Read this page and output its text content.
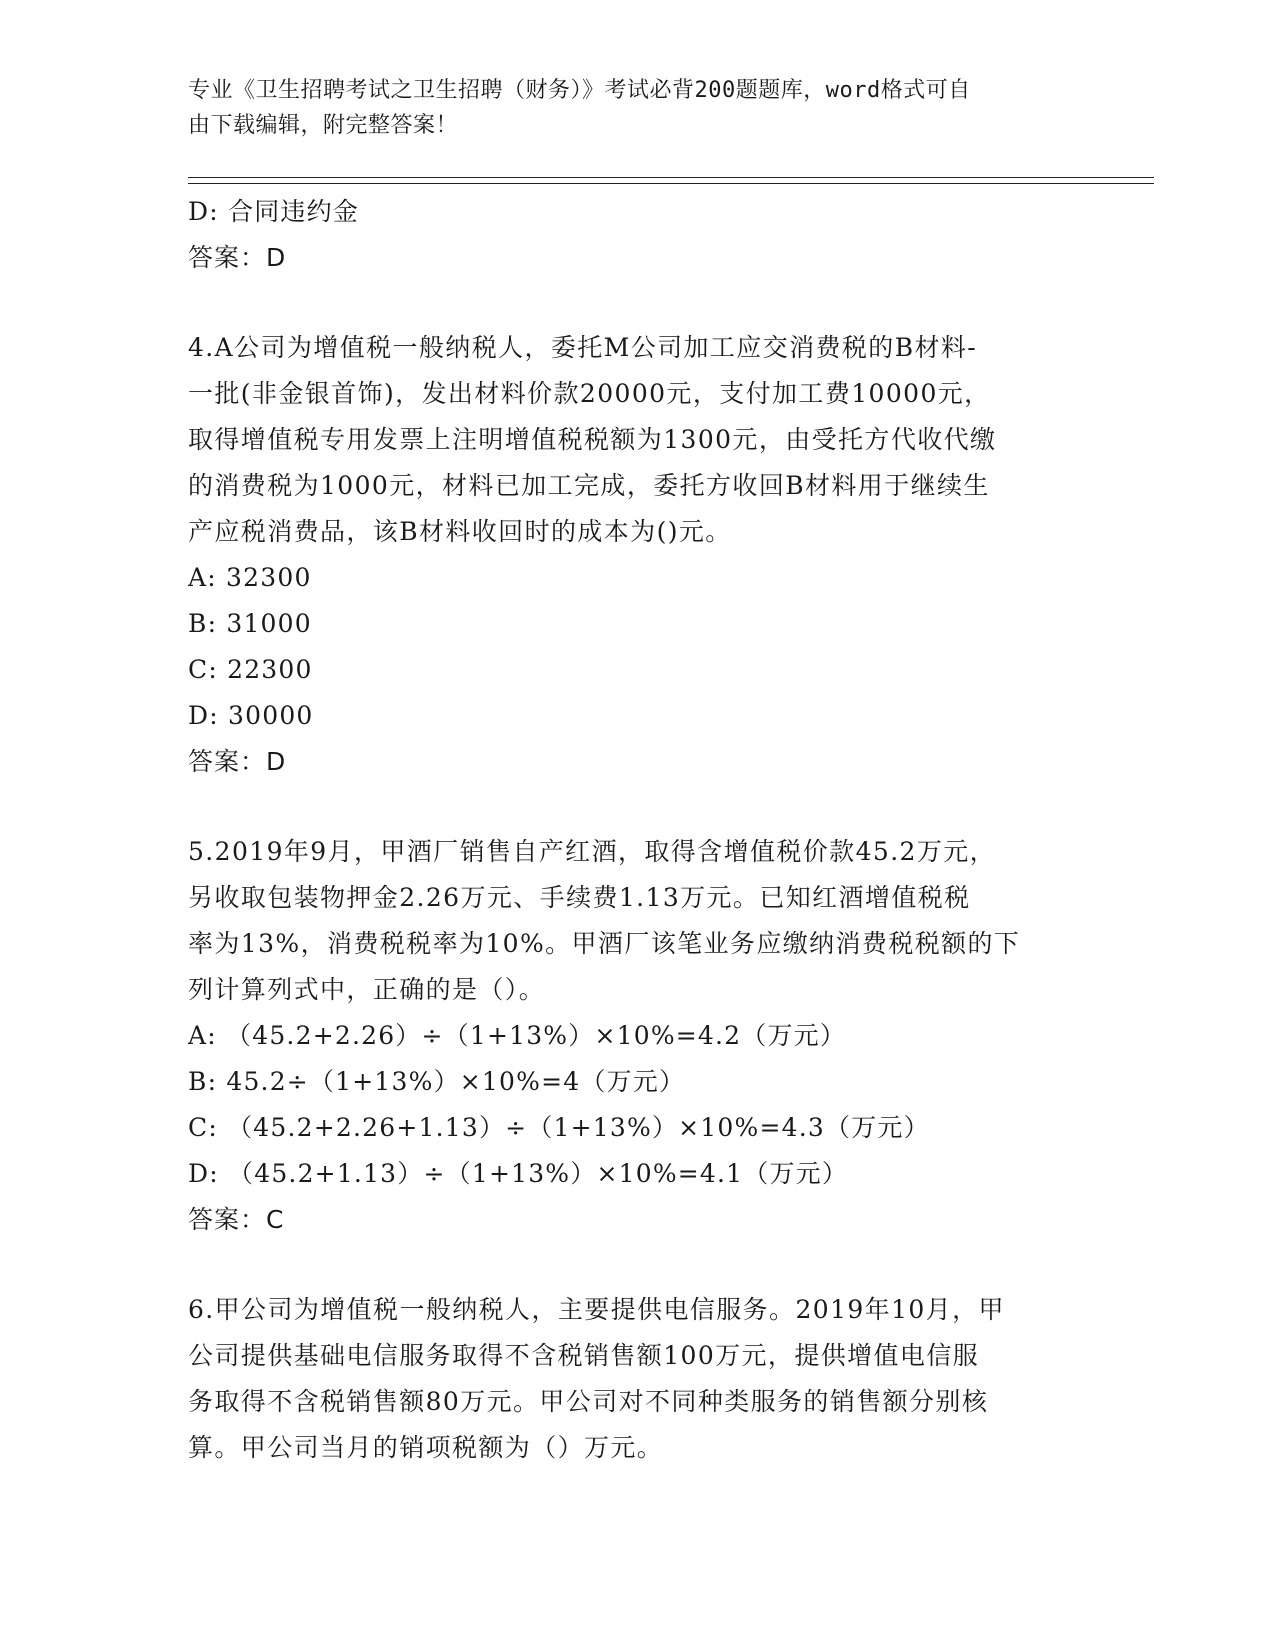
专业《卫生招聘考试之卫生招聘（财务）》考试必背200题题库，word格式可自
由下载编辑，附完整答案！
D: 合同违约金
答案：D
4.A公司为增值税一般纳税人，委托M公司加工应交消费税的B材料-
一批(非金银首饰)，发出材料价款20000元，支付加工费10000元，
取得增值税专用发票上注明增值税税额为1300元，由受托方代收代缴
的消费税为1000元，材料已加工完成，委托方收回B材料用于继续生
产应税消费品，该B材料收回时的成本为()元。
A: 32300
B: 31000
C: 22300
D: 30000
答案：D
5.2019年9月，甲酒厂销售自产红酒，取得含增值税价款45.2万元，
另收取包装物押金2.26万元、手续费1.13万元。已知红酒增值税税
率为13%，消费税税率为10%。甲酒厂该笔业务应缴纳消费税税额的下
列计算列式中，正确的是（）。
A: （45.2+2.26）÷（1+13%）×10%=4.2（万元）
B: 45.2÷（1+13%）×10%=4（万元）
C: （45.2+2.26+1.13）÷（1+13%）×10%=4.3（万元）
D: （45.2+1.13）÷（1+13%）×10%=4.1（万元）
答案：C
6.甲公司为增值税一般纳税人，主要提供电信服务。2019年10月，甲
公司提供基础电信服务取得不含税销售额100万元，提供增值电信服
务取得不含税销售额80万元。甲公司对不同种类服务的销售额分别核
算。甲公司当月的销项税额为（）万元。
